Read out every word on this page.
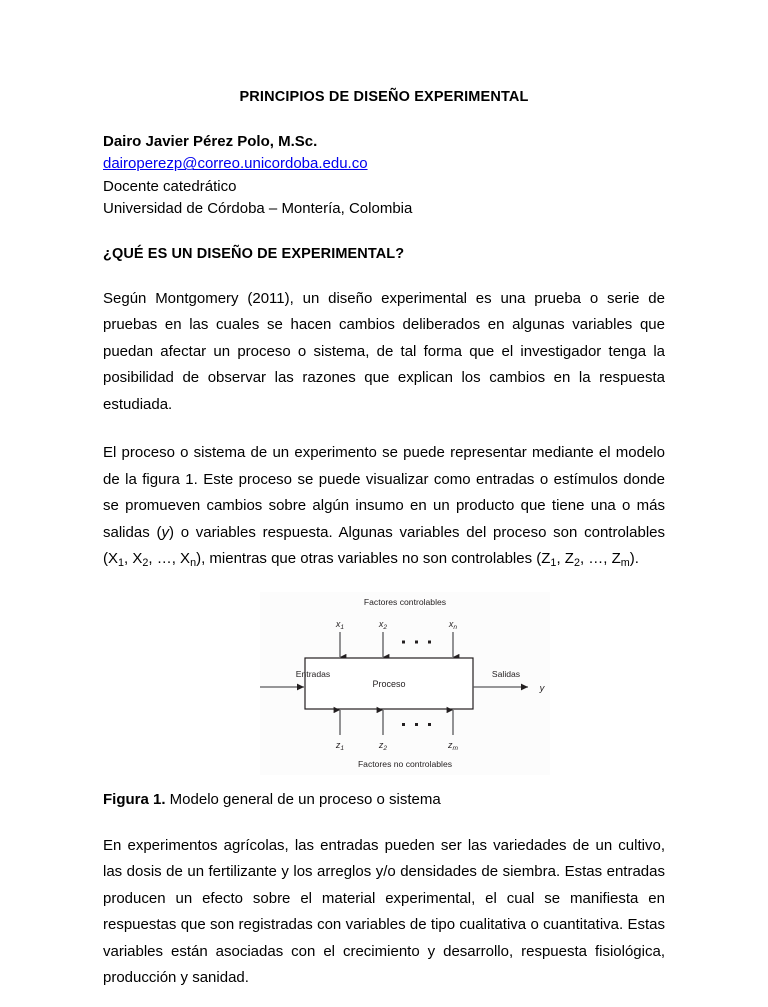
PRINCIPIOS DE DISEÑO EXPERIMENTAL
Dairo Javier Pérez Polo, M.Sc.
dairoperezp@correo.unicordoba.edu.co
Docente catedrático
Universidad de Córdoba – Montería, Colombia
¿QUÉ ES UN DISEÑO DE EXPERIMENTAL?

Según Montgomery (2011), un diseño experimental es una prueba o serie de pruebas en las cuales se hacen cambios deliberados en algunas variables que puedan afectar un proceso o sistema, de tal forma que el investigador tenga la posibilidad de observar las razones que explican los cambios en la respuesta estudiada.

El proceso o sistema de un experimento se puede representar mediante el modelo de la figura 1. Este proceso se puede visualizar como entradas o estímulos donde se promueven cambios sobre algún insumo en un producto que tiene una o más salidas (y) o variables respuesta. Algunas variables del proceso son controlables ($X_1$, $X_2$, …, $X_n$), mientras que otras variables no son controlables ($Z_1$, $Z_2$, …, $Z_m$).

Factores controlables
$x_1$	$x_2$	$x_n$
Proceso
Entradas	Salidas
y
$z_1$	$z_2$	$z_m$
Factores no controlables

Figura 1. Modelo general de un proceso o sistema

En experimentos agrícolas, las entradas pueden ser las variedades de un cultivo, las dosis de un fertilizante y los arreglos y/o densidades de siembra. Estas entradas producen un efecto sobre el material experimental, el cual se manifiesta en respuestas que son registradas con variables de tipo cualitativa o cuantitativa. Estas variables están asociadas con el crecimiento y desarrollo, respuesta fisiológica, producción y sanidad.
